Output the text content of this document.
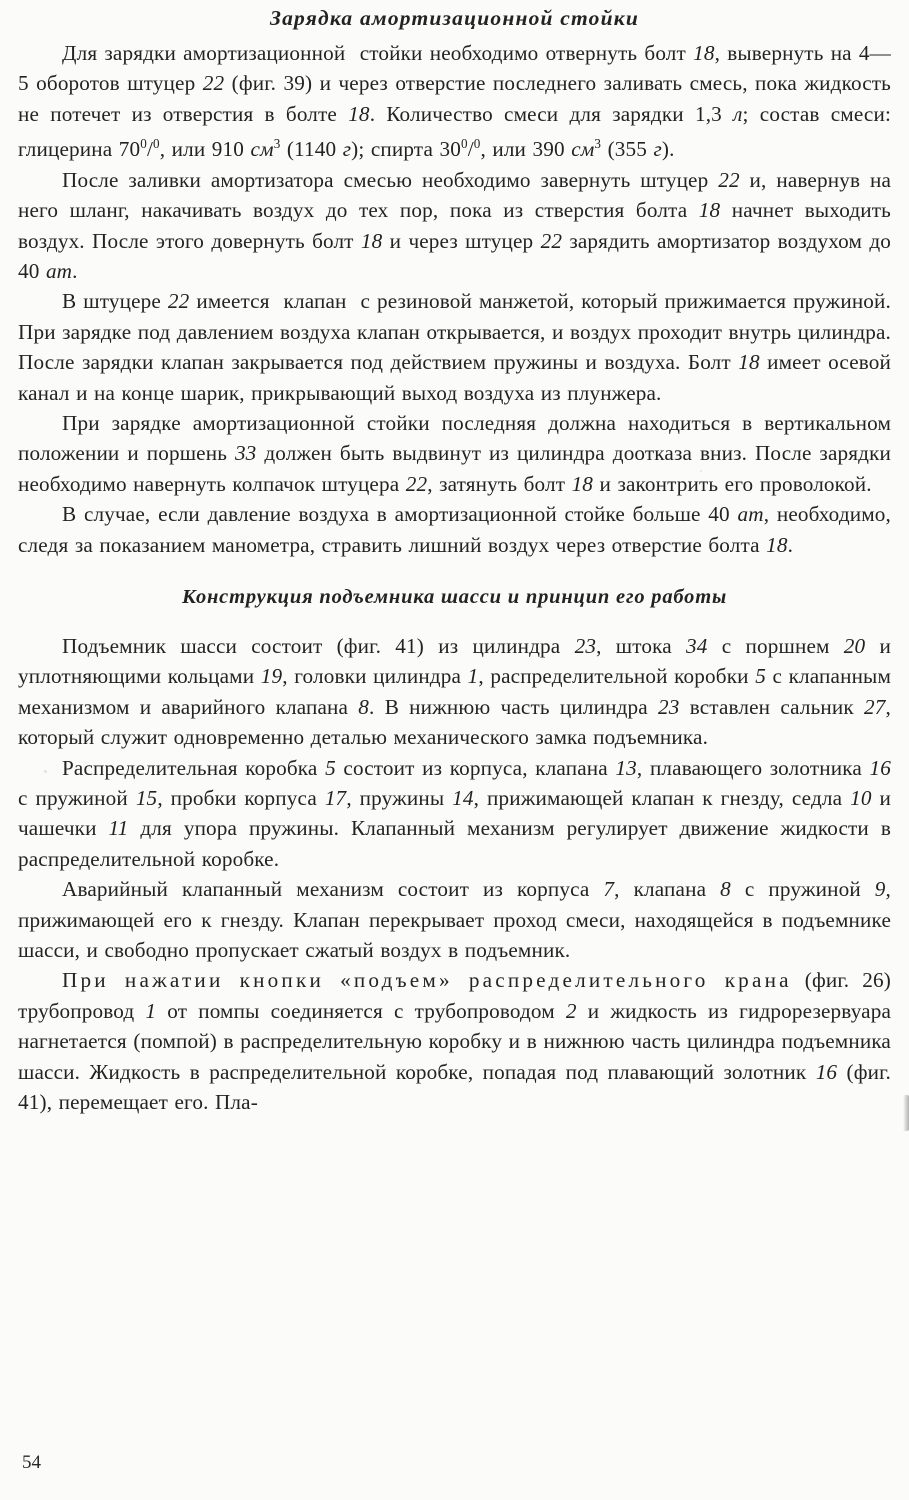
Зарядка амортизационной стойки

Для зарядки амортизационной  стойки необходимо отвернуть болт 18, вывернуть на 4—5 оборотов штуцер 22 (фиг. 39) и через отверстие последнего заливать смесь, пока жидкость не потечет из отверстия в болте 18. Количество смеси для зарядки 1,3 л; состав смеси: глицерина $70^0/^0$, или 910 $см^3$ (1140 г); спирта $30^0/^0$, или 390 $см^3$ (355 г).

После заливки амортизатора смесью необходимо завернуть штуцер 22 и, навернув на него шланг, накачивать воздух до тех пор, пока из стверстия болта 18 начнет выходить воздух. После этого довернуть болт 18 и через штуцер 22 зарядить амортизатор воздухом до 40 ат.

В штуцере 22 имеется  клапан  с резиновой манжетой, который прижимается пружиной. При зарядке под давлением воздуха клапан открывается, и воздух проходит внутрь цилиндра. После зарядки клапан закрывается под действием пружины и воздуха. Болт 18 имеет осевой канал и на конце шарик, прикрывающий выход воздуха из плунжера.

При зарядке амортизационной стойки последняя должна находиться в вертикальном положении и поршень 33 должен быть выдвинут из цилиндра доотказа вниз. После зарядки необходимо навернуть колпачок штуцера 22, затянуть болт 18 и законтрить его проволокой.

В случае, если давление воздуха в амортизационной стойке больше 40 ат, необходимо, следя за показанием манометра, стравить лишний воздух через отверстие болта 18.

Конструкция подъемника шасси и принцип его работы

Подъемник шасси состоит (фиг. 41) из цилиндра 23, штока 34 с поршнем 20 и уплотняющими кольцами 19, головки цилиндра 1, распределительной коробки 5 с клапанным механизмом и аварийного клапана 8. В нижнюю часть цилиндра 23 вставлен сальник 27, который служит одновременно деталью механического замка подъемника.

Распределительная коробка 5 состоит из корпуса, клапана 13, плавающего золотника 16 с пружиной 15, пробки корпуса 17, пружины 14, прижимающей клапан к гнезду, седла 10 и чашечки 11 для упора пружины. Клапанный механизм регулирует движение жидкости в распределительной коробке.

Аварийный клапанный механизм состоит из корпуса 7, клапана 8 с пружиной 9, прижимающей его к гнезду. Клапан перекрывает проход смеси, находящейся в подъемнике шасси, и свободно пропускает сжатый воздух в подъемник.

При нажатии кнопки «подъем» распределительного крана (фиг. 26) трубопровод 1 от помпы соединяется с трубопроводом 2 и жидкость из гидрорезервуара нагнетается (помпой) в распределительную коробку и в нижнюю часть цилиндра подъемника шасси. Жидкость в распределительной коробке, попадая под плавающий золотник 16 (фиг. 41), перемещает его. Пла-

54
